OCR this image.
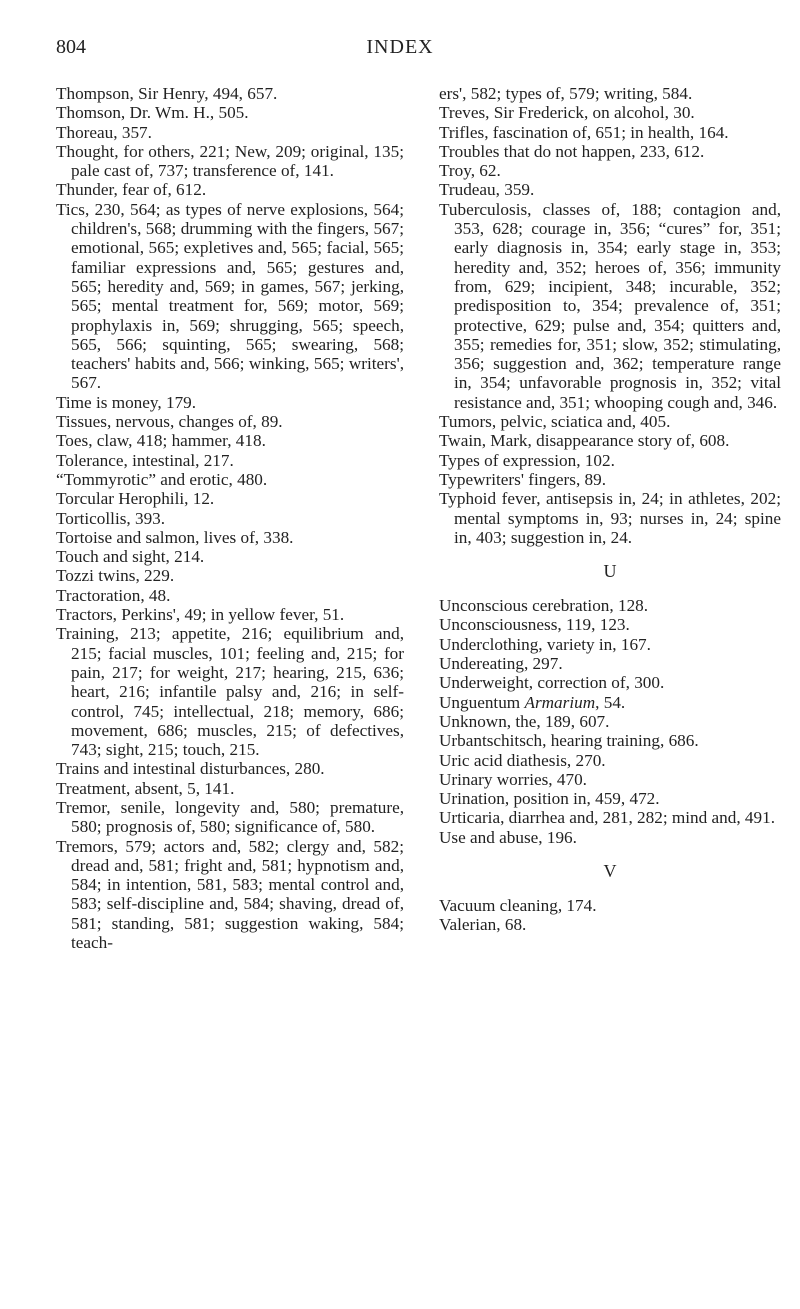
804	INDEX

Thompson, Sir Henry, 494, 657.

Thomson, Dr. Wm. H., 505.

Thoreau, 357.

Thought, for others, 221; New, 209; original, 135; pale cast of, 737; transference of, 141.

Thunder, fear of, 612.

Tics, 230, 564; as types of nerve explosions, 564; children's, 568; drumming with the fingers, 567; emotional, 565; expletives and, 565; facial, 565; familiar expressions and, 565; gestures and, 565; heredity and, 569; in games, 567; jerking, 565; mental treatment for, 569; motor, 569; prophylaxis in, 569; shrugging, 565; speech, 565, 566; squinting, 565; swearing, 568; teachers' habits and, 566; winking, 565; writers', 567.

Time is money, 179.

Tissues, nervous, changes of, 89.

Toes, claw, 418; hammer, 418.

Tolerance, intestinal, 217.

“Tommyrotic” and erotic, 480.

Torcular Herophili, 12.

Torticollis, 393.

Tortoise and salmon, lives of, 338.

Touch and sight, 214.

Tozzi twins, 229.

Tractoration, 48.

Tractors, Perkins', 49; in yellow fever, 51.

Training, 213; appetite, 216; equilibrium and, 215; facial muscles, 101; feeling and, 215; for pain, 217; for weight, 217; hearing, 215, 636; heart, 216; infantile palsy and, 216; in self-control, 745; intellectual, 218; memory, 686; movement, 686; muscles, 215; of defectives, 743; sight, 215; touch, 215.

Trains and intestinal disturbances, 280.

Treatment, absent, 5, 141.

Tremor, senile, longevity and, 580; premature, 580; prognosis of, 580; significance of, 580.

Tremors, 579; actors and, 582; clergy and, 582; dread and, 581; fright and, 581; hypnotism and, 584; in intention, 581, 583; mental control and, 583; self-discipline and, 584; shaving, dread of, 581; standing, 581; suggestion waking, 584; teach-

ers', 582; types of, 579; writing, 584.

Treves, Sir Frederick, on alcohol, 30.

Trifles, fascination of, 651; in health, 164.

Troubles that do not happen, 233, 612.

Troy, 62.

Trudeau, 359.

Tuberculosis, classes of, 188; contagion and, 353, 628; courage in, 356; “cures” for, 351; early diagnosis in, 354; early stage in, 353; heredity and, 352; heroes of, 356; immunity from, 629; incipient, 348; incurable, 352; predisposition to, 354; prevalence of, 351; protective, 629; pulse and, 354; quitters and, 355; remedies for, 351; slow, 352; stimulating, 356; suggestion and, 362; temperature range in, 354; unfavorable prognosis in, 352; vital resistance and, 351; whooping cough and, 346.

Tumors, pelvic, sciatica and, 405.

Twain, Mark, disappearance story of, 608.

Types of expression, 102.

Typewriters' fingers, 89.

Typhoid fever, antisepsis in, 24; in athletes, 202; mental symptoms in, 93; nurses in, 24; spine in, 403; suggestion in, 24.

U

Unconscious cerebration, 128.

Unconsciousness, 119, 123.

Underclothing, variety in, 167.

Undereating, 297.

Underweight, correction of, 300.

Unguentum Armarium, 54.

Unknown, the, 189, 607.

Urbantschitsch, hearing training, 686.

Uric acid diathesis, 270.

Urinary worries, 470.

Urination, position in, 459, 472.

Urticaria, diarrhea and, 281, 282; mind and, 491.

Use and abuse, 196.

V

Vacuum cleaning, 174.

Valerian, 68.
